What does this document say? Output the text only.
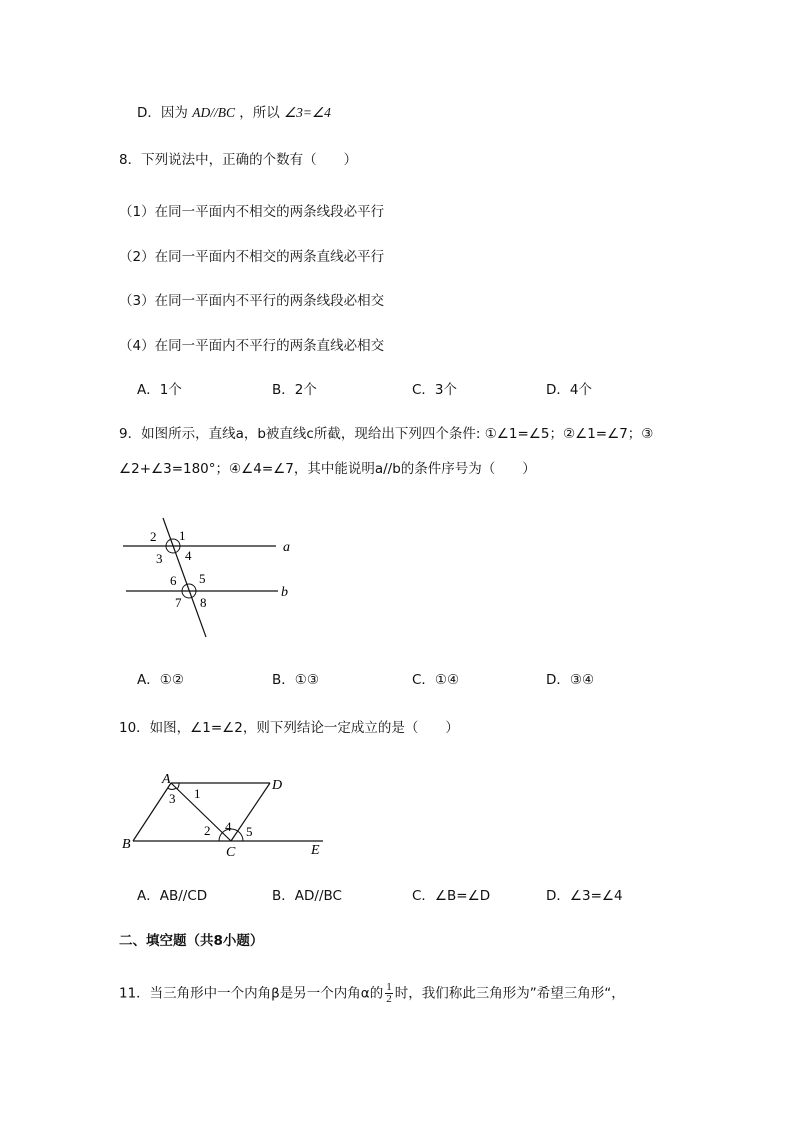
D．因为 AD//BC ，所以 ∠3=∠4
8．下列说法中，正确的个数有（　　）
（1）在同一平面内不相交的两条线段必平行
（2）在同一平面内不相交的两条直线必平行
（3）在同一平面内不平行的两条线段必相交
（4）在同一平面内不平行的两条直线必相交
A．1个	B．2个	C．3个	D．4个
9．如图所示，直线a，b被直线c所截，现给出下列四个条件: ①∠1=∠5；②∠1=∠7；③
∠2+∠3=180°；④∠4=∠7，其中能说明a//b的条件序号为（　　）
2 1
3 4
6 5
7 8
a
b
A．①②	B．①③	C．①④	D．③④
10．如图，∠1=∠2，则下列结论一定成立的是（　　）
A	D
B
C	E
1
2
3
4 5
A．AB//CD	B．AD//BC	C．∠B=∠D	D．∠3=∠4
二、填空题（共8小题）
11．当三角形中一个内角β是另一个内角α的 $\frac{1}{2}$ 时，我们称此三角形为”希望三角形“，
